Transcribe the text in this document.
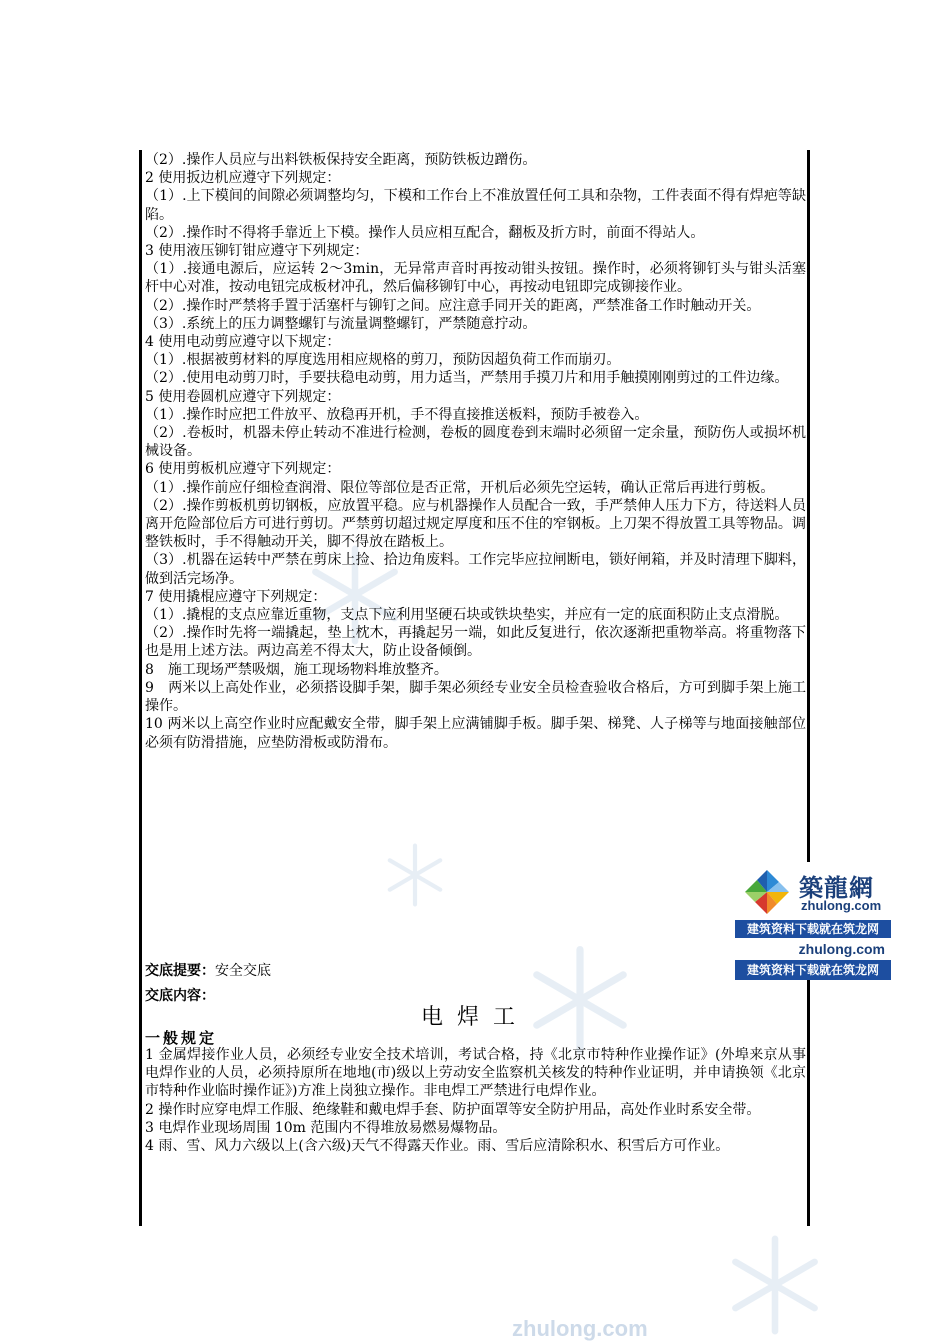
（2）.操作人员应与出料铁板保持安全距离，预防铁板边蹭伤。

2 使用扳边机应遵守下列规定：

（1）.上下模间的间隙必须调整均匀，下模和工作台上不准放置任何工具和杂物，工件表面不得有焊疤等缺陷。

（2）.操作时不得将手靠近上下模。操作人员应相互配合，翻板及折方时，前面不得站人。

3 使用液压铆钉钳应遵守下列规定：

（1）.接通电源后，应运转 2～3min，无异常声音时再按动钳头按钮。操作时，必须将铆钉头与钳头活塞杆中心对准，按动电钮完成板材冲孔，然后偏移铆钉中心，再按动电钮即完成铆接作业。

（2）.操作时严禁将手置于活塞杆与铆钉之间。应注意手同开关的距离，严禁准备工作时触动开关。

（3）.系统上的压力调整螺钉与流量调整螺钉，严禁随意拧动。

4 使用电动剪应遵守以下规定：

（1）.根据被剪材料的厚度选用相应规格的剪刀，预防因超负荷工作而崩刃。

（2）.使用电动剪刀时，手要扶稳电动剪，用力适当，严禁用手摸刀片和用手触摸刚刚剪过的工件边缘。

5 使用卷圆机应遵守下列规定：

（1）.操作时应把工件放平、放稳再开机，手不得直接推送板料，预防手被卷入。

（2）.卷板时，机器未停止转动不准进行检测，卷板的圆度卷到末端时必须留一定余量，预防伤人或损坏机械设备。

6 使用剪板机应遵守下列规定：

（1）.操作前应仔细检查润滑、限位等部位是否正常，开机后必须先空运转，确认正常后再进行剪板。

（2）.操作剪板机剪切钢板，应放置平稳。应与机器操作人员配合一致，手严禁伸人压力下方，待送料人员离开危险部位后方可进行剪切。严禁剪切超过规定厚度和压不住的窄钢板。上刀架不得放置工具等物品。调整铁板时，手不得触动开关，脚不得放在踏板上。

（3）.机器在运转中严禁在剪床上捡、拾边角废料。工作完毕应拉闸断电，锁好闸箱，并及时清理下脚料，做到活完场净。

7 使用撬棍应遵守下列规定：

（1）.撬棍的支点应靠近重物，支点下应利用坚硬石块或铁块垫实，并应有一定的底面积防止支点滑脱。

（2）.操作时先将一端撬起，垫上枕木，再撬起另一端，如此反复进行，依次逐渐把重物举高。将重物落下也是用上述方法。两边高差不得太大，防止设备倾倒。

8　施工现场严禁吸烟，施工现场物料堆放整齐。

9　两米以上高处作业，必须搭设脚手架，脚手架必须经专业安全员检查验收合格后，方可到脚手架上施工操作。

10 两米以上高空作业时应配戴安全带，脚手架上应满铺脚手板。脚手架、梯凳、人子梯等与地面接触部位必须有防滑措施，应垫防滑板或防滑布。

交底提要：安全交底
交底内容：
电焊工
一般规定

1 金属焊接作业人员，必须经专业安全技术培训，考试合格，持《北京市特种作业操作证》(外埠来京从事电焊作业的人员，必须持原所在地地(市)级以上劳动安全监察机关核发的特种作业证明，并申请换领《北京市特种作业临时操作证》)方准上岗独立操作。非电焊工严禁进行电焊作业。

2 操作时应穿电焊工作服、绝缘鞋和戴电焊手套、防护面罩等安全防护用品，高处作业时系安全带。

3 电焊作业现场周围 10m 范围内不得堆放易燃易爆物品。

4 雨、雪、风力六级以上(含六级)天气不得露天作业。雨、雪后应清除积水、积雪后方可作业。

築龍網
zhulong.com
建筑资料下载就在筑龙网
zhulong.com
建筑资料下载就在筑龙网
zhulong.com
